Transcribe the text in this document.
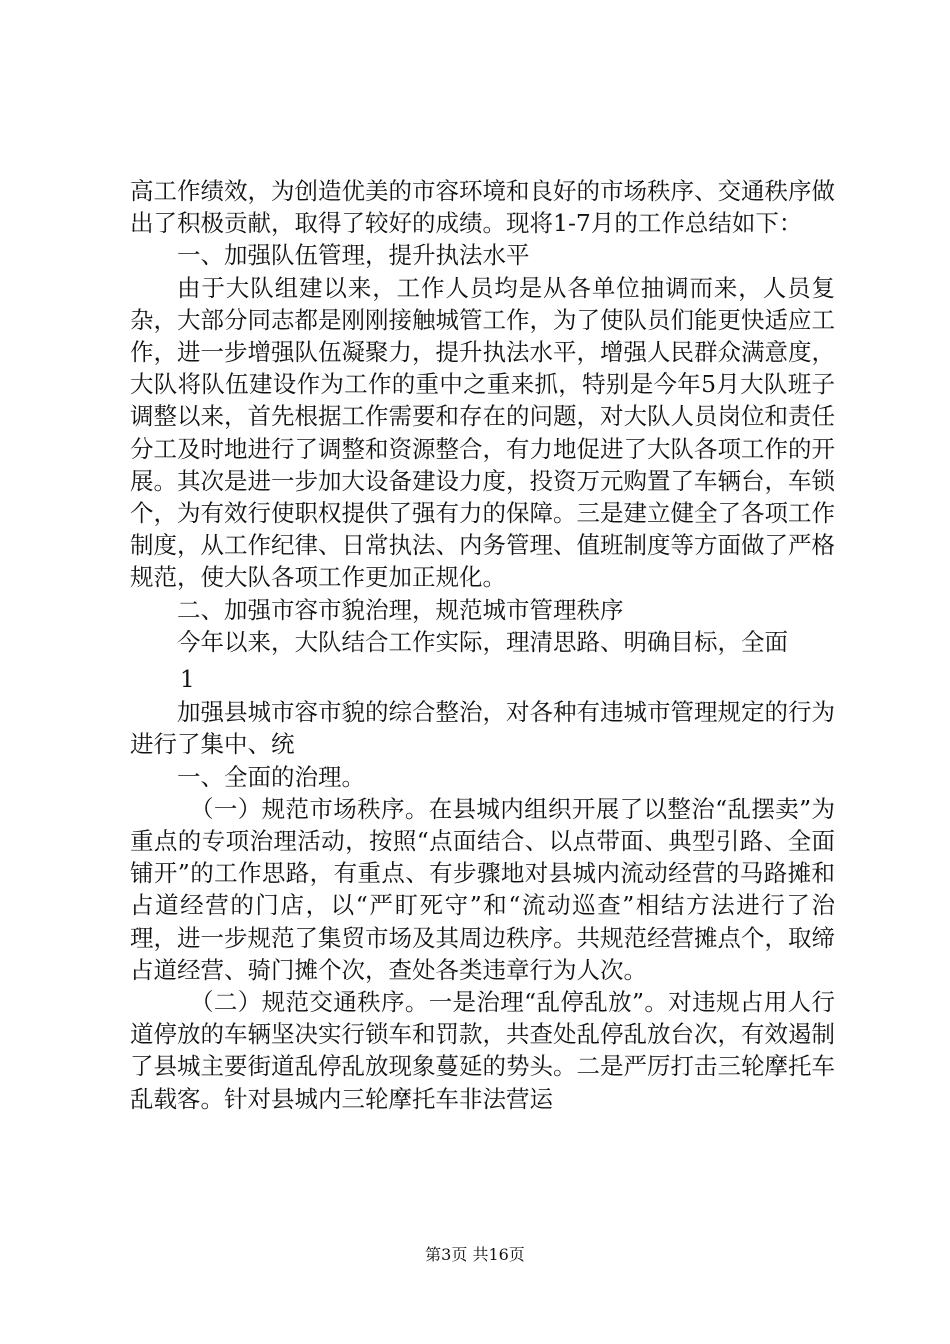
高工作绩效，为创造优美的市容环境和良好的市场秩序、交通秩序做出了积极贡献，取得了较好的成绩。现将1-7月的工作总结如下：

一、加强队伍管理，提升执法水平

由于大队组建以来，工作人员均是从各单位抽调而来，人员复杂，大部分同志都是刚刚接触城管工作，为了使队员们能更快适应工作，进一步增强队伍凝聚力，提升执法水平，增强人民群众满意度，大队将队伍建设作为工作的重中之重来抓，特别是今年5月大队班子调整以来，首先根据工作需要和存在的问题，对大队人员岗位和责任分工及时地进行了调整和资源整合，有力地促进了大队各项工作的开展。其次是进一步加大设备建设力度，投资万元购置了车辆台，车锁个，为有效行使职权提供了强有力的保障。三是建立健全了各项工作制度，从工作纪律、日常执法、内务管理、值班制度等方面做了严格规范，使大队各项工作更加正规化。

二、加强市容市貌治理，规范城市管理秩序

今年以来，大队结合工作实际，理清思路、明确目标，全面

1

加强县城市容市貌的综合整治，对各种有违城市管理规定的行为进行了集中、统

一、全面的治理。

（一）规范市场秩序。在县城内组织开展了以整治“乱摆卖”为重点的专项治理活动，按照“点面结合、以点带面、典型引路、全面铺开”的工作思路，有重点、有步骤地对县城内流动经营的马路摊和占道经营的门店，以“严盯死守”和“流动巡查”相结方法进行了治理，进一步规范了集贸市场及其周边秩序。共规范经营摊点个，取缔占道经营、骑门摊个次，查处各类违章行为人次。

（二）规范交通秩序。一是治理“乱停乱放”。对违规占用人行道停放的车辆坚决实行锁车和罚款，共查处乱停乱放台次，有效遏制了县城主要街道乱停乱放现象蔓延的势头。二是严厉打击三轮摩托车乱载客。针对县城内三轮摩托车非法营运

第3页 共16页
